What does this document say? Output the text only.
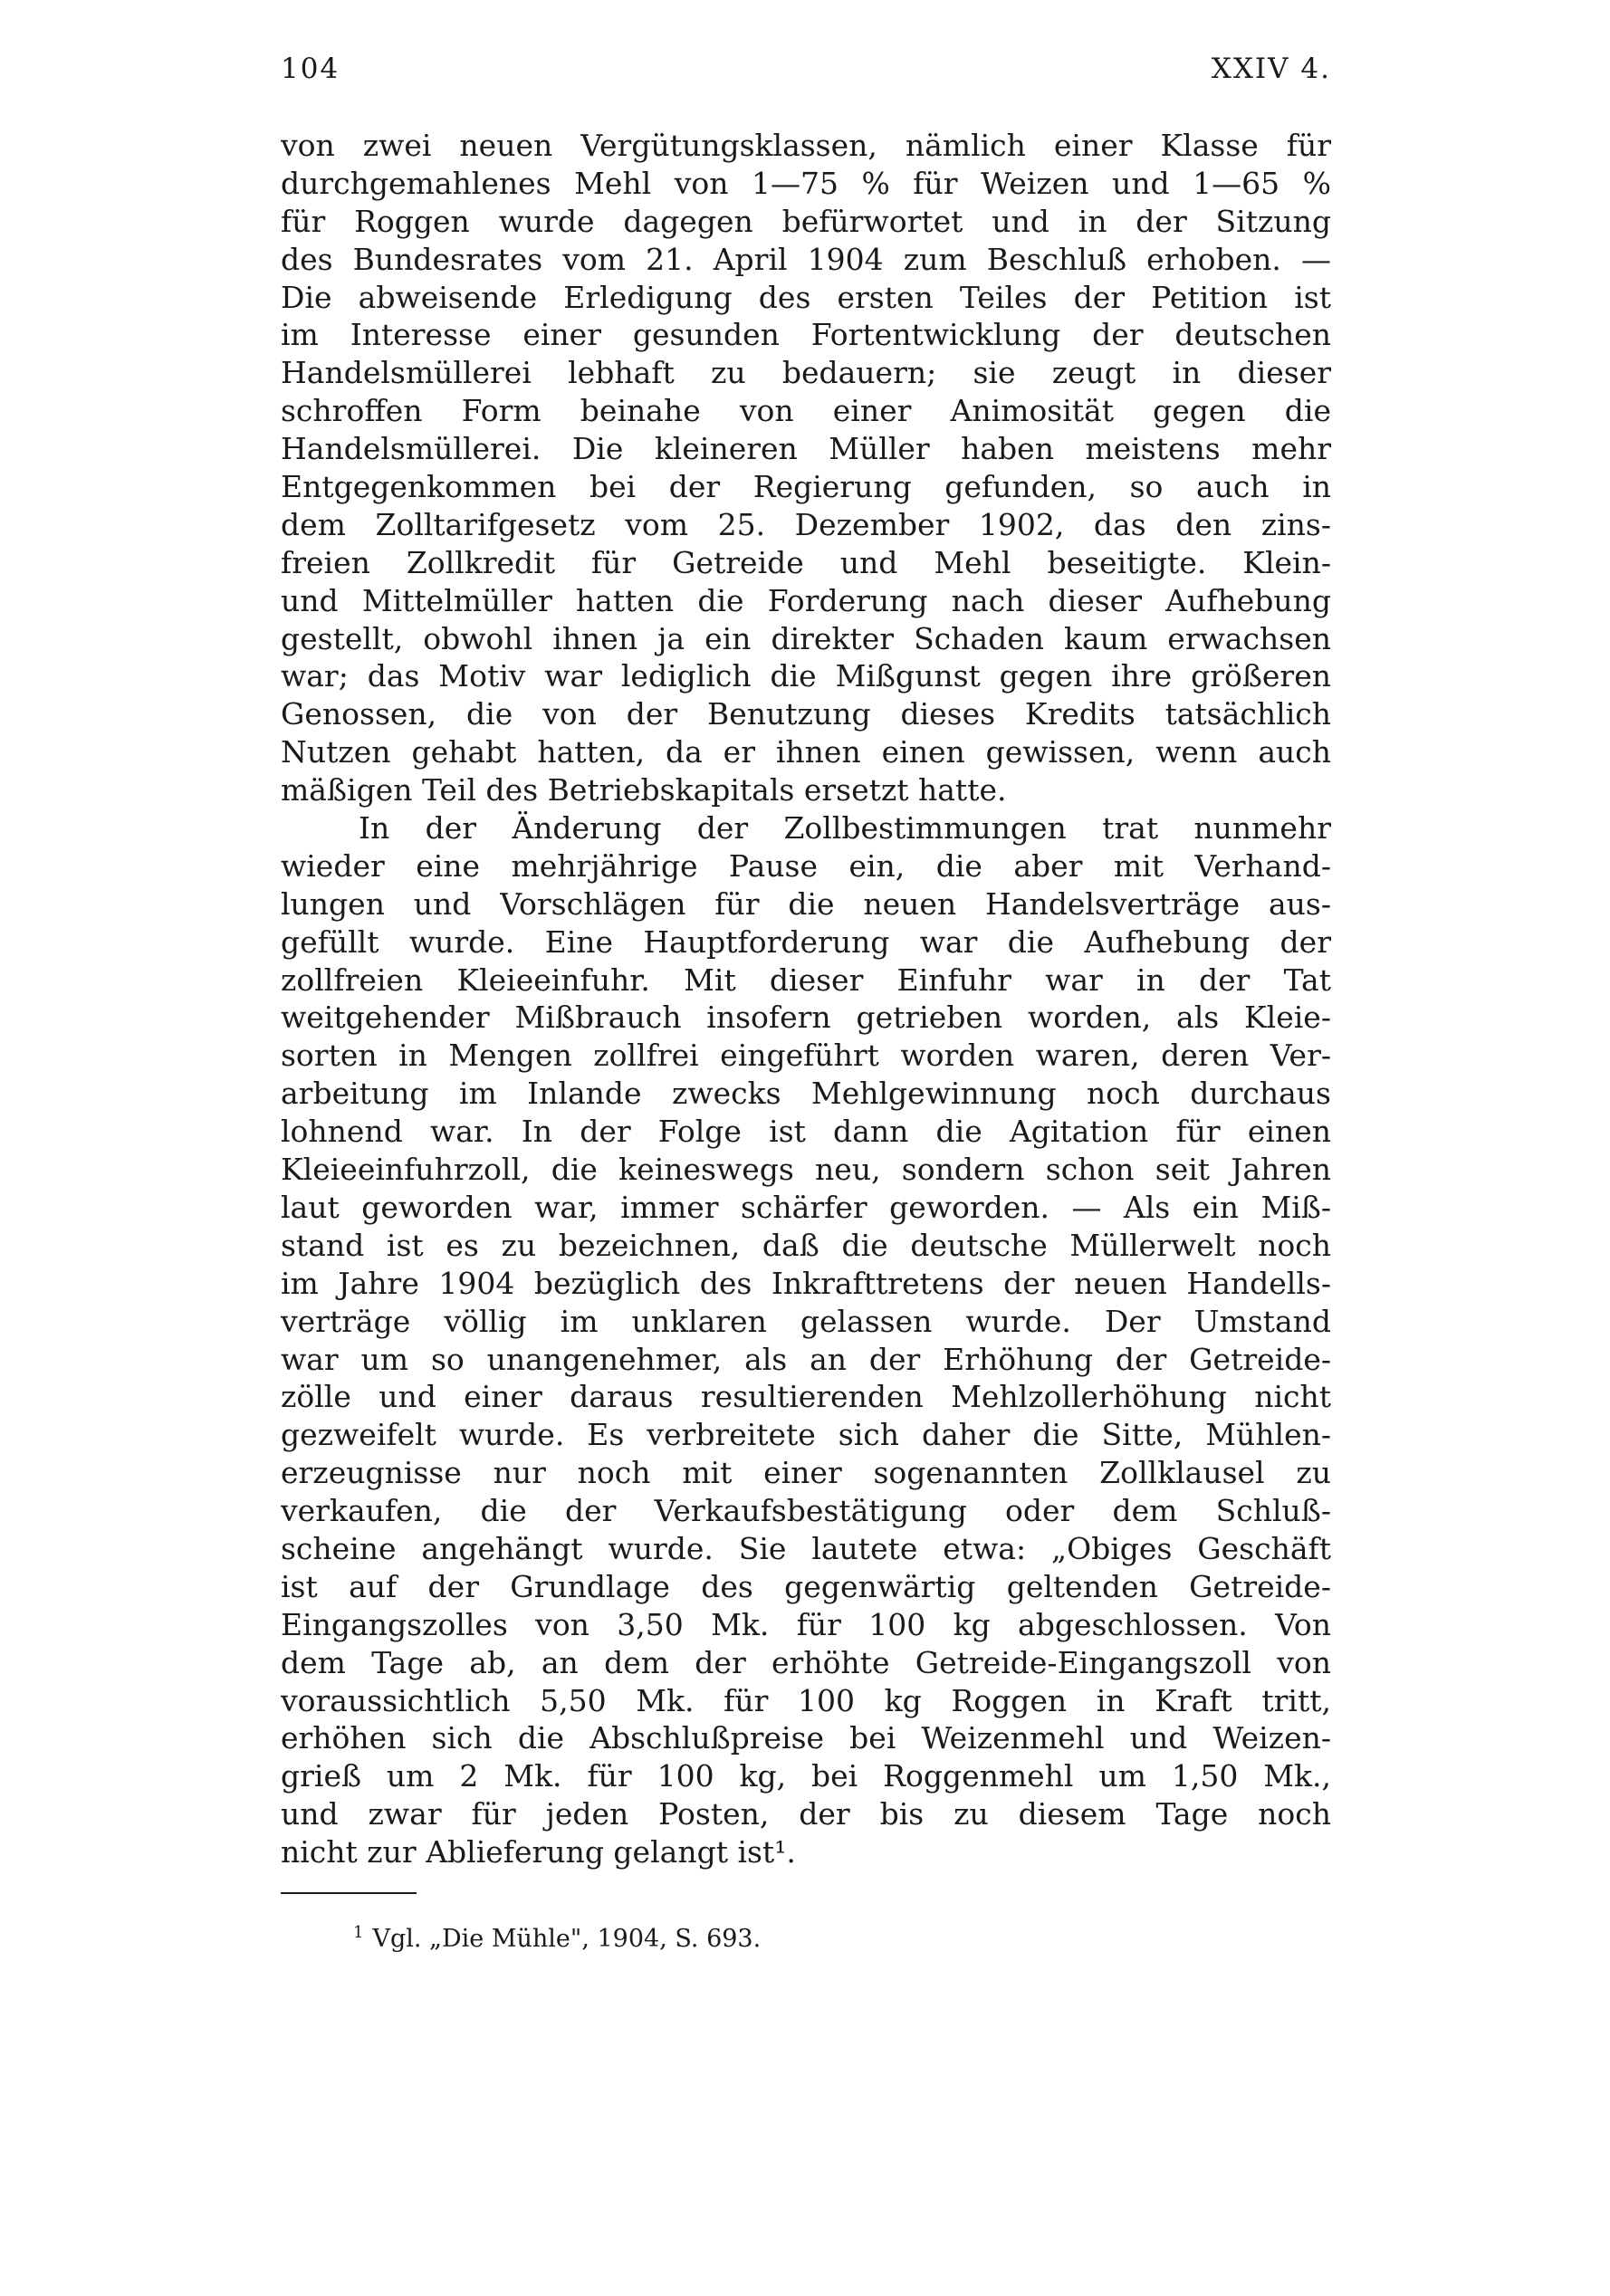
104	XXIV 4.
von zwei neuen Vergütungsklassen, nämlich einer Klasse für
durchgemahlenes Mehl von 1—75 % für Weizen und 1—65 %
für Roggen wurde dagegen befürwortet und in der Sitzung
des Bundesrates vom 21. April 1904 zum Beschluß erhoben. —
Die abweisende Erledigung des ersten Teiles der Petition ist
im Interesse einer gesunden Fortentwicklung der deutschen
Handelsmüllerei lebhaft zu bedauern; sie zeugt in dieser
schroffen Form beinahe von einer Animosität gegen die
Handelsmüllerei. Die kleineren Müller haben meistens mehr
Entgegenkommen bei der Regierung gefunden, so auch in
dem Zolltarifgesetz vom 25. Dezember 1902, das den zins-
freien Zollkredit für Getreide und Mehl beseitigte. Klein-
und Mittelmüller hatten die Forderung nach dieser Aufhebung
gestellt, obwohl ihnen ja ein direkter Schaden kaum erwachsen
war; das Motiv war lediglich die Mißgunst gegen ihre größeren
Genossen, die von der Benutzung dieses Kredits tatsächlich
Nutzen gehabt hatten, da er ihnen einen gewissen, wenn auch
mäßigen Teil des Betriebskapitals ersetzt hatte.
In der Änderung der Zollbestimmungen trat nunmehr
wieder eine mehrjährige Pause ein, die aber mit Verhand-
lungen und Vorschlägen für die neuen Handelsverträge aus-
gefüllt wurde. Eine Hauptforderung war die Aufhebung der
zollfreien Kleieeinfuhr. Mit dieser Einfuhr war in der Tat
weitgehender Mißbrauch insofern getrieben worden, als Kleie-
sorten in Mengen zollfrei eingeführt worden waren, deren Ver-
arbeitung im Inlande zwecks Mehlgewinnung noch durchaus
lohnend war. In der Folge ist dann die Agitation für einen
Kleieeinfuhrzoll, die keineswegs neu, sondern schon seit Jahren
laut geworden war, immer schärfer geworden. — Als ein Miß-
stand ist es zu bezeichnen, daß die deutsche Müllerwelt noch
im Jahre 1904 bezüglich des Inkrafttretens der neuen Handells-
verträge völlig im unklaren gelassen wurde. Der Umstand
war um so unangenehmer, als an der Erhöhung der Getreide-
zölle und einer daraus resultierenden Mehlzollerhöhung nicht
gezweifelt wurde. Es verbreitete sich daher die Sitte, Mühlen-
erzeugnisse nur noch mit einer sogenannten Zollklausel zu
verkaufen, die der Verkaufsbestätigung oder dem Schluß-
scheine angehängt wurde. Sie lautete etwa: „Obiges Geschäft
ist auf der Grundlage des gegenwärtig geltenden Getreide-
Eingangszolles von 3,50 Mk. für 100 kg abgeschlossen. Von
dem Tage ab, an dem der erhöhte Getreide-Eingangszoll von
voraussichtlich 5,50 Mk. für 100 kg Roggen in Kraft tritt,
erhöhen sich die Abschlußpreise bei Weizenmehl und Weizen-
grieß um 2 Mk. für 100 kg, bei Roggenmehl um 1,50 Mk.,
und zwar für jeden Posten, der bis zu diesem Tage noch
nicht zur Ablieferung gelangt ist¹.
$^1$ Vgl. „Die Mühle", 1904, S. 693.
